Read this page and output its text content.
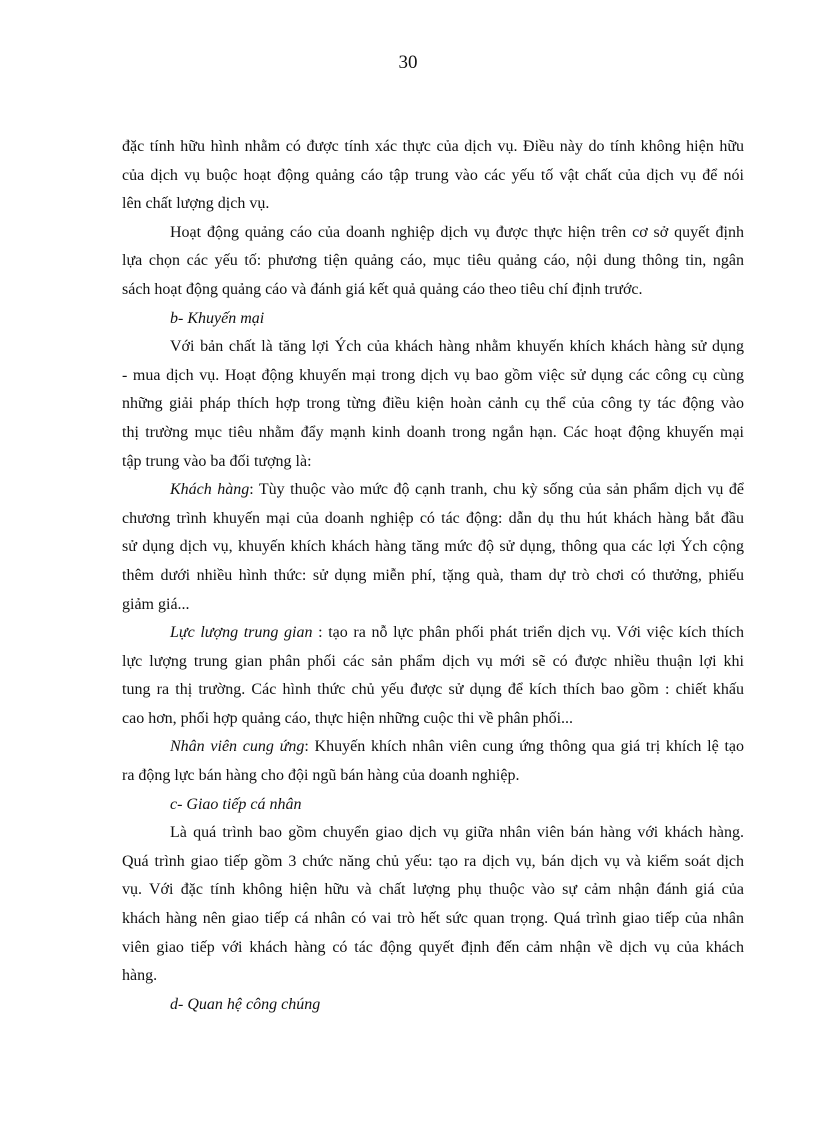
30
đặc tính hữu hình nhằm có được tính xác thực của dịch vụ. Điều này do tính không hiện hữu
của dịch vụ buộc hoạt động quảng cáo tập trung vào các yếu tố vật chất của dịch vụ để nói
lên chất lượng dịch vụ.
Hoạt động quảng cáo của doanh nghiệp dịch vụ được thực hiện trên cơ sở quyết định
lựa chọn các yếu tố: phương tiện quảng cáo, mục tiêu quảng cáo, nội dung thông tin, ngân
sách hoạt động quảng cáo và đánh giá kết quả quảng cáo theo tiêu chí định trước.
b- Khuyến mại
Với bản chất là tăng lợi Ých của khách hàng nhằm khuyến khích khách hàng sử dụng
- mua dịch vụ. Hoạt động khuyến mại trong dịch vụ bao gồm việc sử dụng các công cụ cùng
những giải pháp thích hợp trong từng điều kiện hoàn cảnh cụ thể của công ty tác động vào
thị trường mục tiêu nhằm đẩy mạnh kinh doanh trong ngắn hạn. Các hoạt động khuyến mại
tập trung vào ba đối tượng là:
Khách hàng: Tùy thuộc vào mức độ cạnh tranh, chu kỳ sống của sản phẩm dịch vụ để
chương trình khuyến mại của doanh nghiệp có tác động: dẫn dụ thu hút khách hàng bắt đầu
sử dụng dịch vụ, khuyến khích khách hàng tăng mức độ sử dụng, thông qua các lợi Ých cộng
thêm dưới nhiều hình thức: sử dụng miễn phí, tặng quà, tham dự trò chơi có thưởng, phiếu
giảm giá...
Lực lượng trung gian : tạo ra nỗ lực phân phối phát triển dịch vụ. Với việc kích thích
lực lượng trung gian phân phối các sản phẩm dịch vụ mới sẽ có được nhiều thuận lợi khi
tung ra thị trường. Các hình thức chủ yếu được sử dụng để kích thích bao gồm : chiết khấu
cao hơn, phối hợp quảng cáo, thực hiện những cuộc thi về phân phối...
Nhân viên cung ứng: Khuyến khích nhân viên cung ứng thông qua giá trị khích lệ tạo
ra động lực bán hàng cho đội ngũ bán hàng của doanh nghiệp.
c- Giao tiếp cá nhân
Là quá trình bao gồm chuyển giao dịch vụ giữa nhân viên bán hàng với khách hàng.
Quá trình giao tiếp gồm 3 chức năng chủ yếu: tạo ra dịch vụ, bán dịch vụ và kiểm soát dịch
vụ. Với đặc tính không hiện hữu và chất lượng phụ thuộc vào sự cảm nhận đánh giá của
khách hàng nên giao tiếp cá nhân có vai trò hết sức quan trọng. Quá trình giao tiếp của nhân
viên giao tiếp với khách hàng có tác động quyết định đến cảm nhận về dịch vụ của khách
hàng.
d- Quan hệ công chúng
